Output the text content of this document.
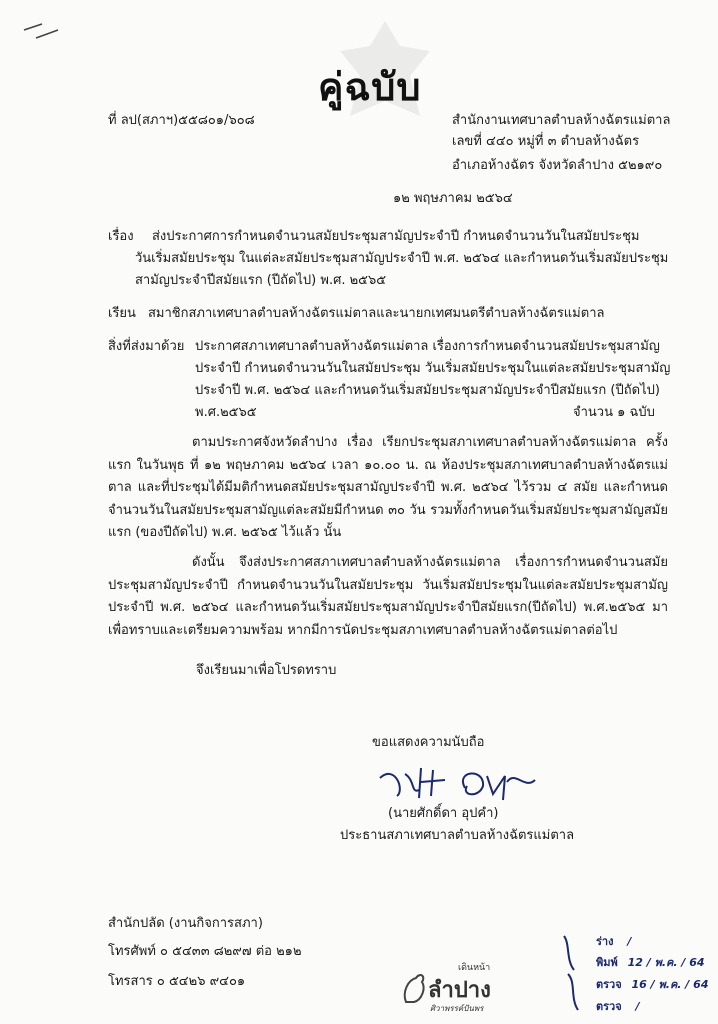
คู่ฉบับ
ที่ ลป(สภาฯ)๕๕๘๐๑/๖๐๘	สำนักงานเทศบาลตำบลห้างฉัตรแม่ตาล
เลขที่ ๔๔๐ หมู่ที่ ๓ ตำบลห้างฉัตร
อำเภอห้างฉัตร จังหวัดลำปาง ๕๒๑๙๐
๑๒ พฤษภาคม ๒๕๖๔
เรื่อง ส่งประกาศการกำหนดจำนวนสมัยประชุมสามัญประจำปี กำหนดจำนวนวันในสมัยประชุม
วันเริ่มสมัยประชุม ในแต่ละสมัยประชุมสามัญประจำปี พ.ศ. ๒๕๖๔ และกำหนดวันเริ่มสมัยประชุม
สามัญประจำปีสมัยแรก (ปีถัดไป) พ.ศ. ๒๕๖๕
เรียน สมาชิกสภาเทศบาลตำบลห้างฉัตรแม่ตาลและนายกเทศมนตรีตำบลห้างฉัตรแม่ตาล
สิ่งที่ส่งมาด้วย ประกาศสภาเทศบาลตำบลห้างฉัตรแม่ตาล เรื่องการกำหนดจำนวนสมัยประชุมสามัญ
ประจำปี กำหนดจำนวนวันในสมัยประชุม วันเริ่มสมัยประชุมในแต่ละสมัยประชุมสามัญ
ประจำปี พ.ศ. ๒๕๖๔ และกำหนดวันเริ่มสมัยประชุมสามัญประจำปีสมัยแรก (ปีถัดไป)
พ.ศ.๒๕๖๕	จำนวน ๑ ฉบับ
ตามประกาศจังหวัดลำปาง เรื่อง เรียกประชุมสภาเทศบาลตำบลห้างฉัตรแม่ตาล ครั้งแรก ในวันพุธ ที่ ๑๒ พฤษภาคม ๒๕๖๔ เวลา ๑๐.๐๐ น. ณ ห้องประชุมสภาเทศบาลตำบลห้างฉัตรแม่ตาล และที่ประชุมได้มีมติกำหนดสมัยประชุมสามัญประจำปี พ.ศ. ๒๕๖๔ ไว้รวม ๔ สมัย และกำหนดจำนวนวันในสมัยประชุมสามัญแต่ละสมัยมีกำหนด ๓๐ วัน รวมทั้งกำหนดวันเริ่มสมัยประชุมสามัญสมัยแรก (ของปีถัดไป) พ.ศ. ๒๕๖๕ ไว้แล้ว นั้น
ดังนั้น จึงส่งประกาศสภาเทศบาลตำบลห้างฉัตรแม่ตาล เรื่องการกำหนดจำนวนสมัยประชุมสามัญประจำปี กำหนดจำนวนวันในสมัยประชุม วันเริ่มสมัยประชุมในแต่ละสมัยประชุมสามัญประจำปี พ.ศ. ๒๕๖๔ และกำหนดวันเริ่มสมัยประชุมสามัญประจำปีสมัยแรก(ปีถัดไป) พ.ศ.๒๕๖๕ มาเพื่อทราบและเตรียมความพร้อม หากมีการนัดประชุมสภาเทศบาลตำบลห้างฉัตรแม่ตาลต่อไป
จึงเรียนมาเพื่อโปรดทราบ
ขอแสดงความนับถือ
(นายศักดิ์ดา อุปคำ)
ประธานสภาเทศบาลตำบลห้างฉัตรแม่ตาล
สำนักปลัด (งานกิจการสภา)
โทรศัพท์ ๐ ๕๔๓๓ ๘๒๙๗ ต่อ ๒๑๒
โทรสาร ๐ ๕๔๒๖ ๙๔๐๑
เดินหน้า
ลำปาง
ศิวาพรรค์ปันพร
ร่าง /
พิมพ์ 12 / พ.ค. / 64
ตรวจ 16 / พ.ค. / 64
ตรวจ /
